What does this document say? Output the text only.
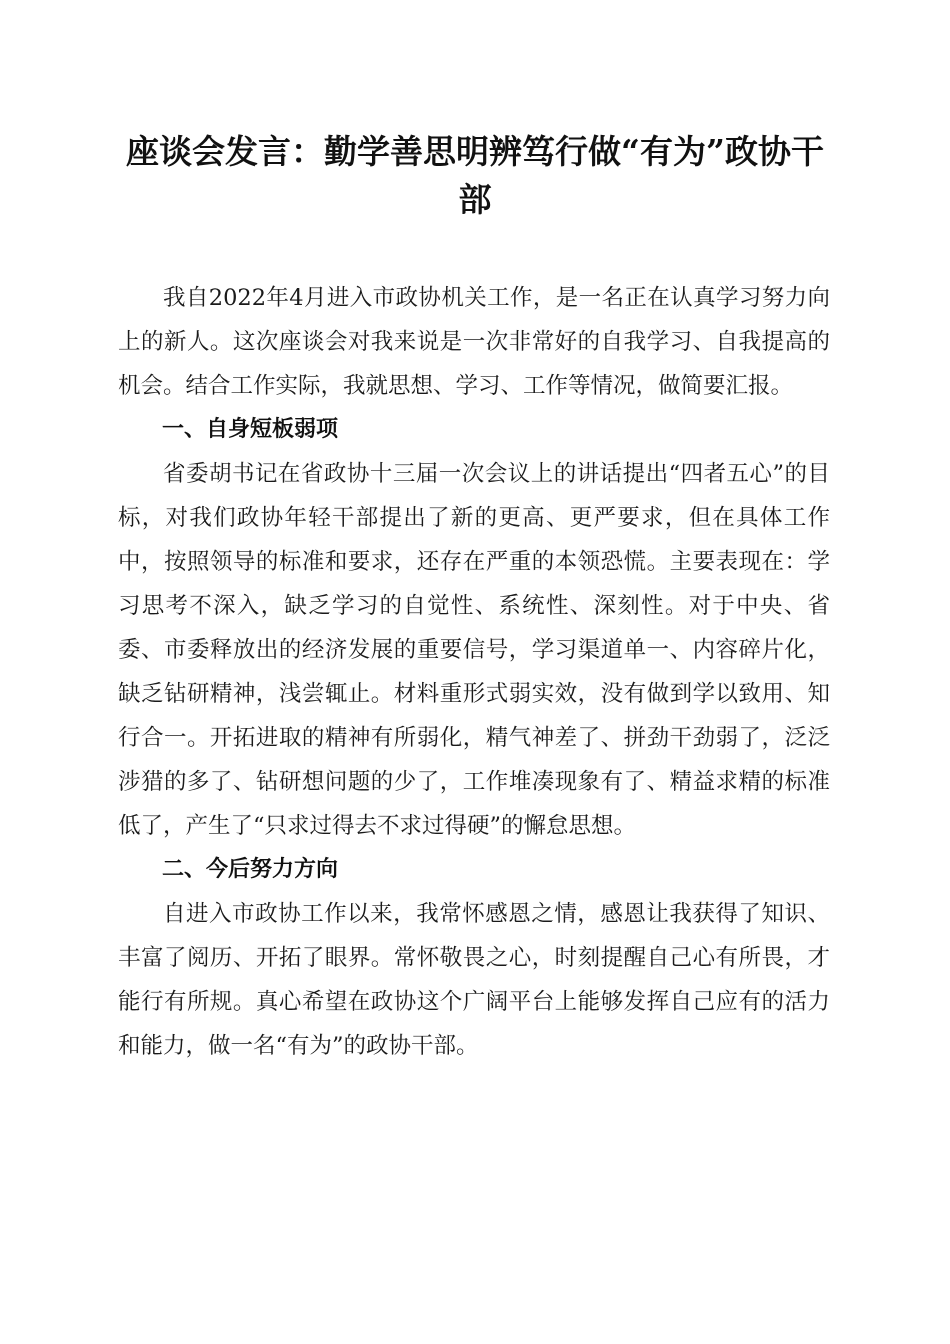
座谈会发言：勤学善思明辨笃行做“有为”政协干部

我自2022年4月进入市政协机关工作，是一名正在认真学习努力向上的新人。这次座谈会对我来说是一次非常好的自我学习、自我提高的机会。结合工作实际，我就思想、学习、工作等情况，做简要汇报。

一、自身短板弱项

省委胡书记在省政协十三届一次会议上的讲话提出“四者五心”的目标，对我们政协年轻干部提出了新的更高、更严要求，但在具体工作中，按照领导的标准和要求，还存在严重的本领恐慌。主要表现在：学习思考不深入，缺乏学习的自觉性、系统性、深刻性。对于中央、省委、市委释放出的经济发展的重要信号，学习渠道单一、内容碎片化，缺乏钻研精神，浅尝辄止。材料重形式弱实效，没有做到学以致用、知行合一。开拓进取的精神有所弱化，精气神差了、拼劲干劲弱了，泛泛涉猎的多了、钻研想问题的少了，工作堆凑现象有了、精益求精的标准低了，产生了“只求过得去不求过得硬”的懈怠思想。

二、今后努力方向

自进入市政协工作以来，我常怀感恩之情，感恩让我获得了知识、丰富了阅历、开拓了眼界。常怀敬畏之心，时刻提醒自己心有所畏，才能行有所规。真心希望在政协这个广阔平台上能够发挥自己应有的活力和能力，做一名“有为”的政协干部。
